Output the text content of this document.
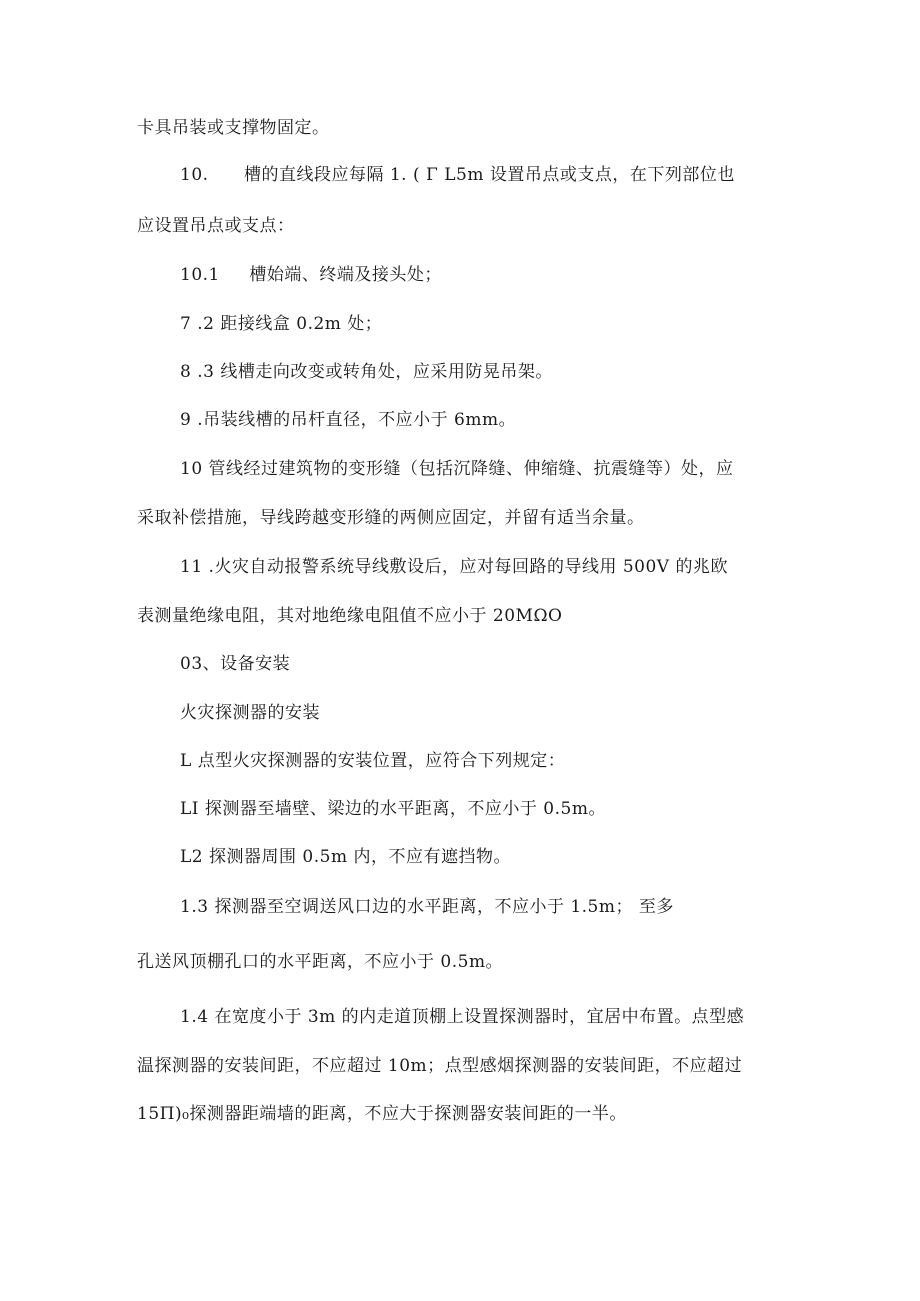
卡具吊装或支撑物固定。
10.      槽的直线段应每隔 1. ( Γ L5m 设置吊点或支点，在下列部位也
应设置吊点或支点：
10.1     槽始端、终端及接头处；
7 .2 距接线盒 0.2m 处；
8 .3 线槽走向改变或转角处，应采用防晃吊架。
9 .吊装线槽的吊杆直径，不应小于 6mm。
10 管线经过建筑物的变形缝（包括沉降缝、伸缩缝、抗震缝等）处，应
采取补偿措施，导线跨越变形缝的两侧应固定，并留有适当余量。
11 .火灾自动报警系统导线敷设后，应对每回路的导线用 500V 的兆欧
表测量绝缘电阻，其对地绝缘电阻值不应小于 20MΩO
03、设备安装
火灾探测器的安装
L 点型火灾探测器的安装位置，应符合下列规定：
LI 探测器至墙壁、梁边的水平距离，不应小于 0.5m。
L2 探测器周围 0.5m 内，不应有遮挡物。
1.3 探测器至空调送风口边的水平距离，不应小于 1.5m； 至多
孔送风顶棚孔口的水平距离，不应小于 0.5m。
1.4 在宽度小于 3m 的内走道顶棚上设置探测器时，宜居中布置。点型感
温探测器的安装间距，不应超过 10m；点型感烟探测器的安装间距，不应超过
15Π)₀探测器距端墙的距离，不应大于探测器安装间距的一半。
